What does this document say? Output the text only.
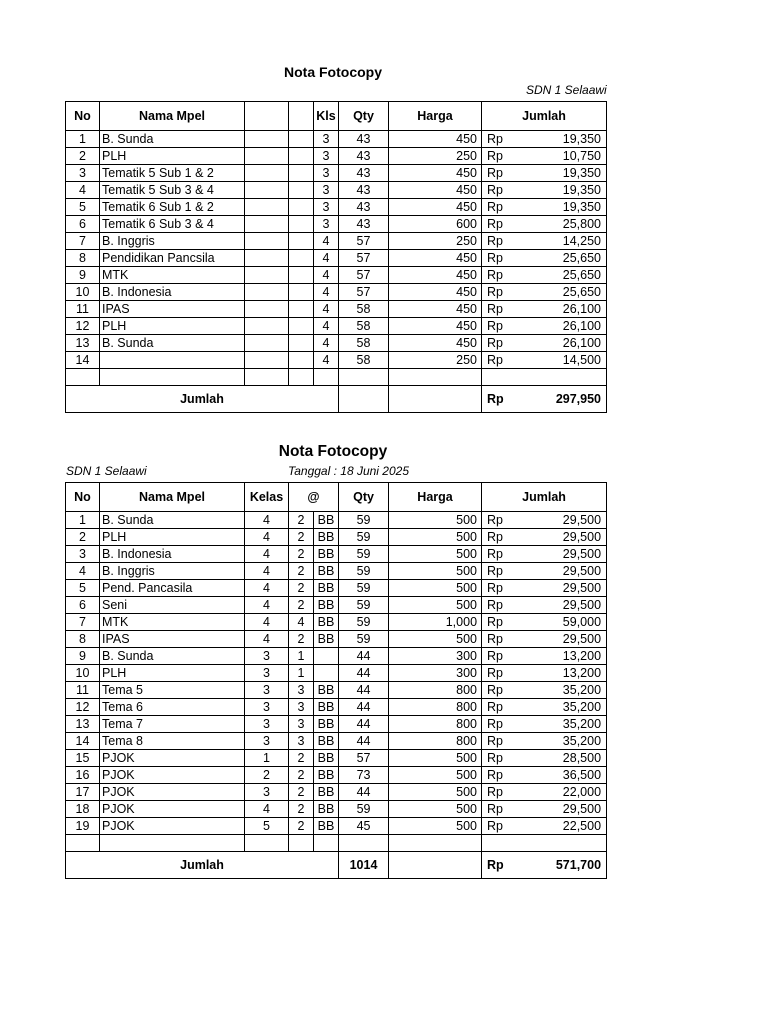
Nota Fotocopy
SDN 1 Selaawi
No	Nama Mpel			Kls	Qty	Harga	Jumlah	
1	B. Sunda			3	43	450	Rp	19,350
2	PLH			3	43	250	Rp	10,750
3	Tematik 5 Sub 1 & 2			3	43	450	Rp	19,350
4	Tematik 5 Sub 3 & 4			3	43	450	Rp	19,350
5	Tematik 6 Sub 1 & 2			3	43	450	Rp	19,350
6	Tematik 6 Sub 3 & 4			3	43	600	Rp	25,800
7	B. Inggris			4	57	250	Rp	14,250
8	Pendidikan Pancsila			4	57	450	Rp	25,650
9	MTK			4	57	450	Rp	25,650
10	B. Indonesia			4	57	450	Rp	25,650
11	IPAS			4	58	450	Rp	26,100
12	PLH			4	58	450	Rp	26,100
13	B. Sunda			4	58	450	Rp	26,100
14				4	58	250	Rp	14,500

Jumlah							Rp	297,950
Nota Fotocopy
SDN 1 Selaawi	Tanggal : 18 Juni 2025
No	Nama Mpel	Kelas	@		Qty	Harga	Jumlah	
1	B. Sunda	4	2	BB	59	500	Rp	29,500
2	PLH	4	2	BB	59	500	Rp	29,500
3	B. Indonesia	4	2	BB	59	500	Rp	29,500
4	B. Inggris	4	2	BB	59	500	Rp	29,500
5	Pend. Pancasila	4	2	BB	59	500	Rp	29,500
6	Seni	4	2	BB	59	500	Rp	29,500
7	MTK	4	4	BB	59	1,000	Rp	59,000
8	IPAS	4	2	BB	59	500	Rp	29,500
9	B. Sunda	3	1		44	300	Rp	13,200
10	PLH	3	1		44	300	Rp	13,200
11	Tema 5	3	3	BB	44	800	Rp	35,200
12	Tema 6	3	3	BB	44	800	Rp	35,200
13	Tema 7	3	3	BB	44	800	Rp	35,200
14	Tema 8	3	3	BB	44	800	Rp	35,200
15	PJOK	1	2	BB	57	500	Rp	28,500
16	PJOK	2	2	BB	73	500	Rp	36,500
17	PJOK	3	2	BB	44	500	Rp	22,000
18	PJOK	4	2	BB	59	500	Rp	29,500
19	PJOK	5	2	BB	45	500	Rp	22,500

Jumlah					1014		Rp	571,700
